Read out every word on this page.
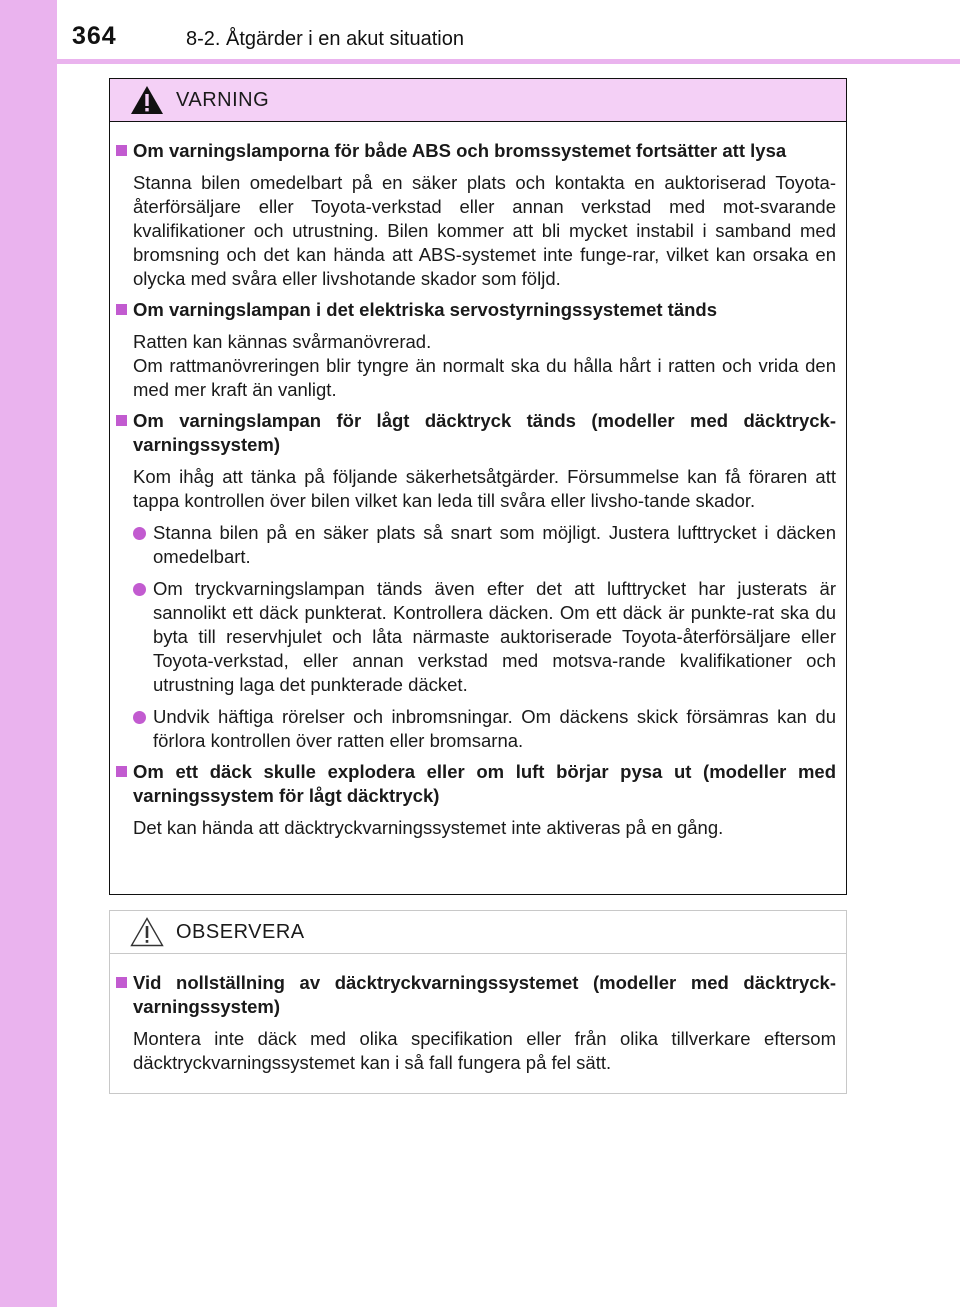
364	8-2. Åtgärder i en akut situation
VARNING
Om varningslamporna för både ABS och bromssystemet fortsätter att lysa
Stanna bilen omedelbart på en säker plats och kontakta en auktoriserad Toyota-återförsäljare eller Toyota-verkstad eller annan verkstad med mot-svarande kvalifikationer och utrustning. Bilen kommer att bli mycket instabil i samband med bromsning och det kan hända att ABS-systemet inte funge-rar, vilket kan orsaka en olycka med svåra eller livshotande skador som följd.
Om varningslampan i det elektriska servostyrningssystemet tänds
Ratten kan kännas svårmanövrerad.
Om rattmanövreringen blir tyngre än normalt ska du hålla hårt i ratten och vrida den med mer kraft än vanligt.
Om varningslampan för lågt däcktryck tänds (modeller med däcktryck-varningssystem)
Kom ihåg att tänka på följande säkerhetsåtgärder. Försummelse kan få föraren att tappa kontrollen över bilen vilket kan leda till svåra eller livsho-tande skador.
Stanna bilen på en säker plats så snart som möjligt. Justera lufttrycket i däcken omedelbart.
Om tryckvarningslampan tänds även efter det att lufttrycket har justerats är sannolikt ett däck punkterat. Kontrollera däcken. Om ett däck är punkte-rat ska du byta till reservhjulet och låta närmaste auktoriserade Toyota-återförsäljare eller Toyota-verkstad, eller annan verkstad med motsva-rande kvalifikationer och utrustning laga det punkterade däcket.
Undvik häftiga rörelser och inbromsningar. Om däckens skick försämras kan du förlora kontrollen över ratten eller bromsarna.
Om ett däck skulle explodera eller om luft börjar pysa ut (modeller med varningssystem för lågt däcktryck)
Det kan hända att däcktryckvarningssystemet inte aktiveras på en gång.
OBSERVERA
Vid nollställning av däcktryckvarningssystemet (modeller med däcktryck-varningssystem)
Montera inte däck med olika specifikation eller från olika tillverkare eftersom däcktryckvarningssystemet kan i så fall fungera på fel sätt.
